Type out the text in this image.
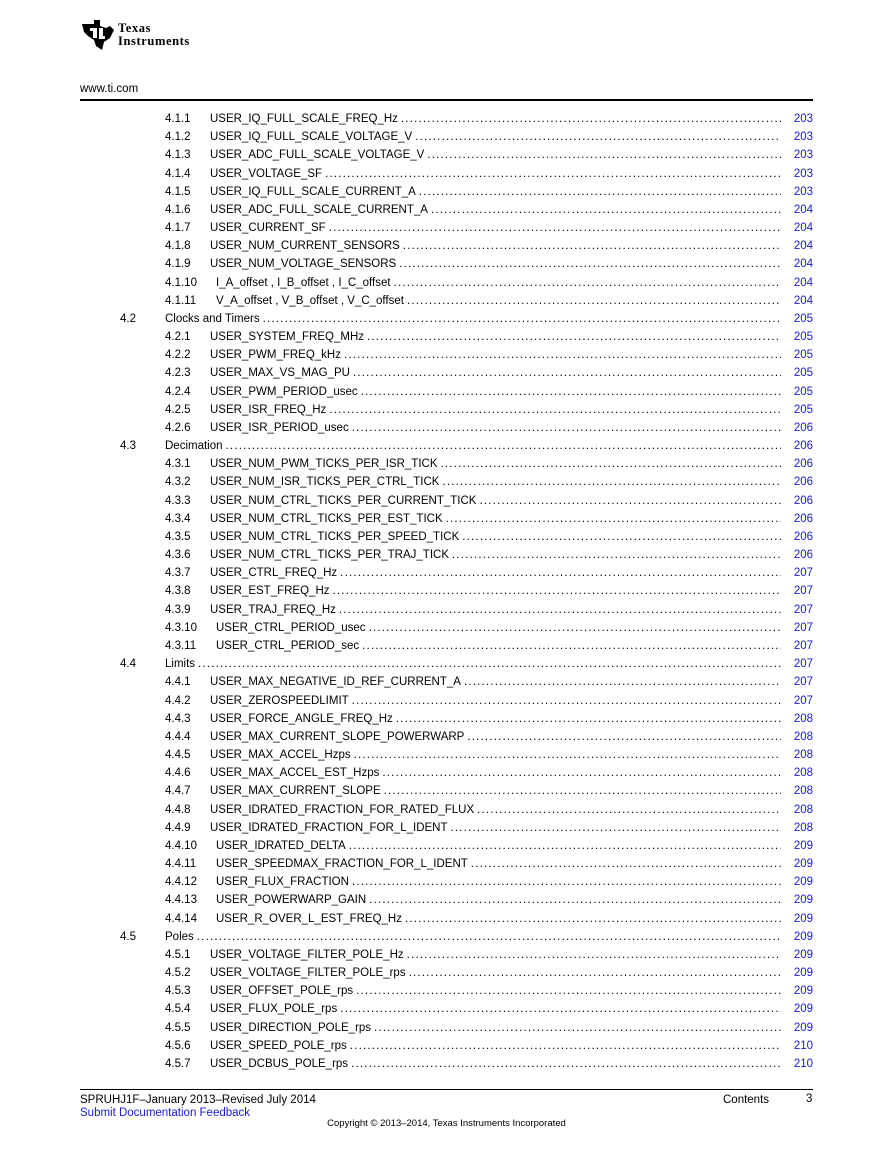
Texas
Instruments
www.ti.com
4.1.1 USER_IQ_FULL_SCALE_FREQ_Hz .....	203
4.1.2 USER_IQ_FULL_SCALE_VOLTAGE_V .....	203
4.1.3 USER_ADC_FULL_SCALE_VOLTAGE_V .....	203
4.1.4 USER_VOLTAGE_SF .....	203
4.1.5 USER_IQ_FULL_SCALE_CURRENT_A .....	203
4.1.6 USER_ADC_FULL_SCALE_CURRENT_A .....	204
4.1.7 USER_CURRENT_SF .....	204
4.1.8 USER_NUM_CURRENT_SENSORS .....	204
4.1.9 USER_NUM_VOLTAGE_SENSORS .....	204
4.1.10 I_A_offset , I_B_offset , I_C_offset .....	204
4.1.11 V_A_offset , V_B_offset , V_C_offset .....	204
4.2	Clocks and Timers .....	205
4.2.1 USER_SYSTEM_FREQ_MHz .....	205
4.2.2 USER_PWM_FREQ_kHz .....	205
4.2.3 USER_MAX_VS_MAG_PU .....	205
4.2.4 USER_PWM_PERIOD_usec .....	205
4.2.5 USER_ISR_FREQ_Hz .....	205
4.2.6 USER_ISR_PERIOD_usec .....	206
4.3	Decimation .....	206
4.3.1 USER_NUM_PWM_TICKS_PER_ISR_TICK .....	206
4.3.2 USER_NUM_ISR_TICKS_PER_CTRL_TICK .....	206
4.3.3 USER_NUM_CTRL_TICKS_PER_CURRENT_TICK .....	206
4.3.4 USER_NUM_CTRL_TICKS_PER_EST_TICK .....	206
4.3.5 USER_NUM_CTRL_TICKS_PER_SPEED_TICK .....	206
4.3.6 USER_NUM_CTRL_TICKS_PER_TRAJ_TICK .....	206
4.3.7 USER_CTRL_FREQ_Hz .....	207
4.3.8 USER_EST_FREQ_Hz .....	207
4.3.9 USER_TRAJ_FREQ_Hz .....	207
4.3.10 USER_CTRL_PERIOD_usec .....	207
4.3.11 USER_CTRL_PERIOD_sec .....	207
4.4	Limits .....	207
4.4.1 USER_MAX_NEGATIVE_ID_REF_CURRENT_A .....	207
4.4.2 USER_ZEROSPEEDLIMIT .....	207
4.4.3 USER_FORCE_ANGLE_FREQ_Hz .....	208
4.4.4 USER_MAX_CURRENT_SLOPE_POWERWARP .....	208
4.4.5 USER_MAX_ACCEL_Hzps .....	208
4.4.6 USER_MAX_ACCEL_EST_Hzps .....	208
4.4.7 USER_MAX_CURRENT_SLOPE .....	208
4.4.8 USER_IDRATED_FRACTION_FOR_RATED_FLUX .....	208
4.4.9 USER_IDRATED_FRACTION_FOR_L_IDENT .....	208
4.4.10 USER_IDRATED_DELTA .....	209
4.4.11 USER_SPEEDMAX_FRACTION_FOR_L_IDENT .....	209
4.4.12 USER_FLUX_FRACTION .....	209
4.4.13 USER_POWERWARP_GAIN .....	209
4.4.14 USER_R_OVER_L_EST_FREQ_Hz .....	209
4.5	Poles .....	209
4.5.1 USER_VOLTAGE_FILTER_POLE_Hz .....	209
4.5.2 USER_VOLTAGE_FILTER_POLE_rps .....	209
4.5.3 USER_OFFSET_POLE_rps .....	209
4.5.4 USER_FLUX_POLE_rps .....	209
4.5.5 USER_DIRECTION_POLE_rps .....	209
4.5.6 USER_SPEED_POLE_rps .....	210
4.5.7 USER_DCBUS_POLE_rps .....	210
SPRUHJ1F–January 2013–Revised July 2014
Submit Documentation Feedback
Contents	3
Copyright © 2013–2014, Texas Instruments Incorporated
